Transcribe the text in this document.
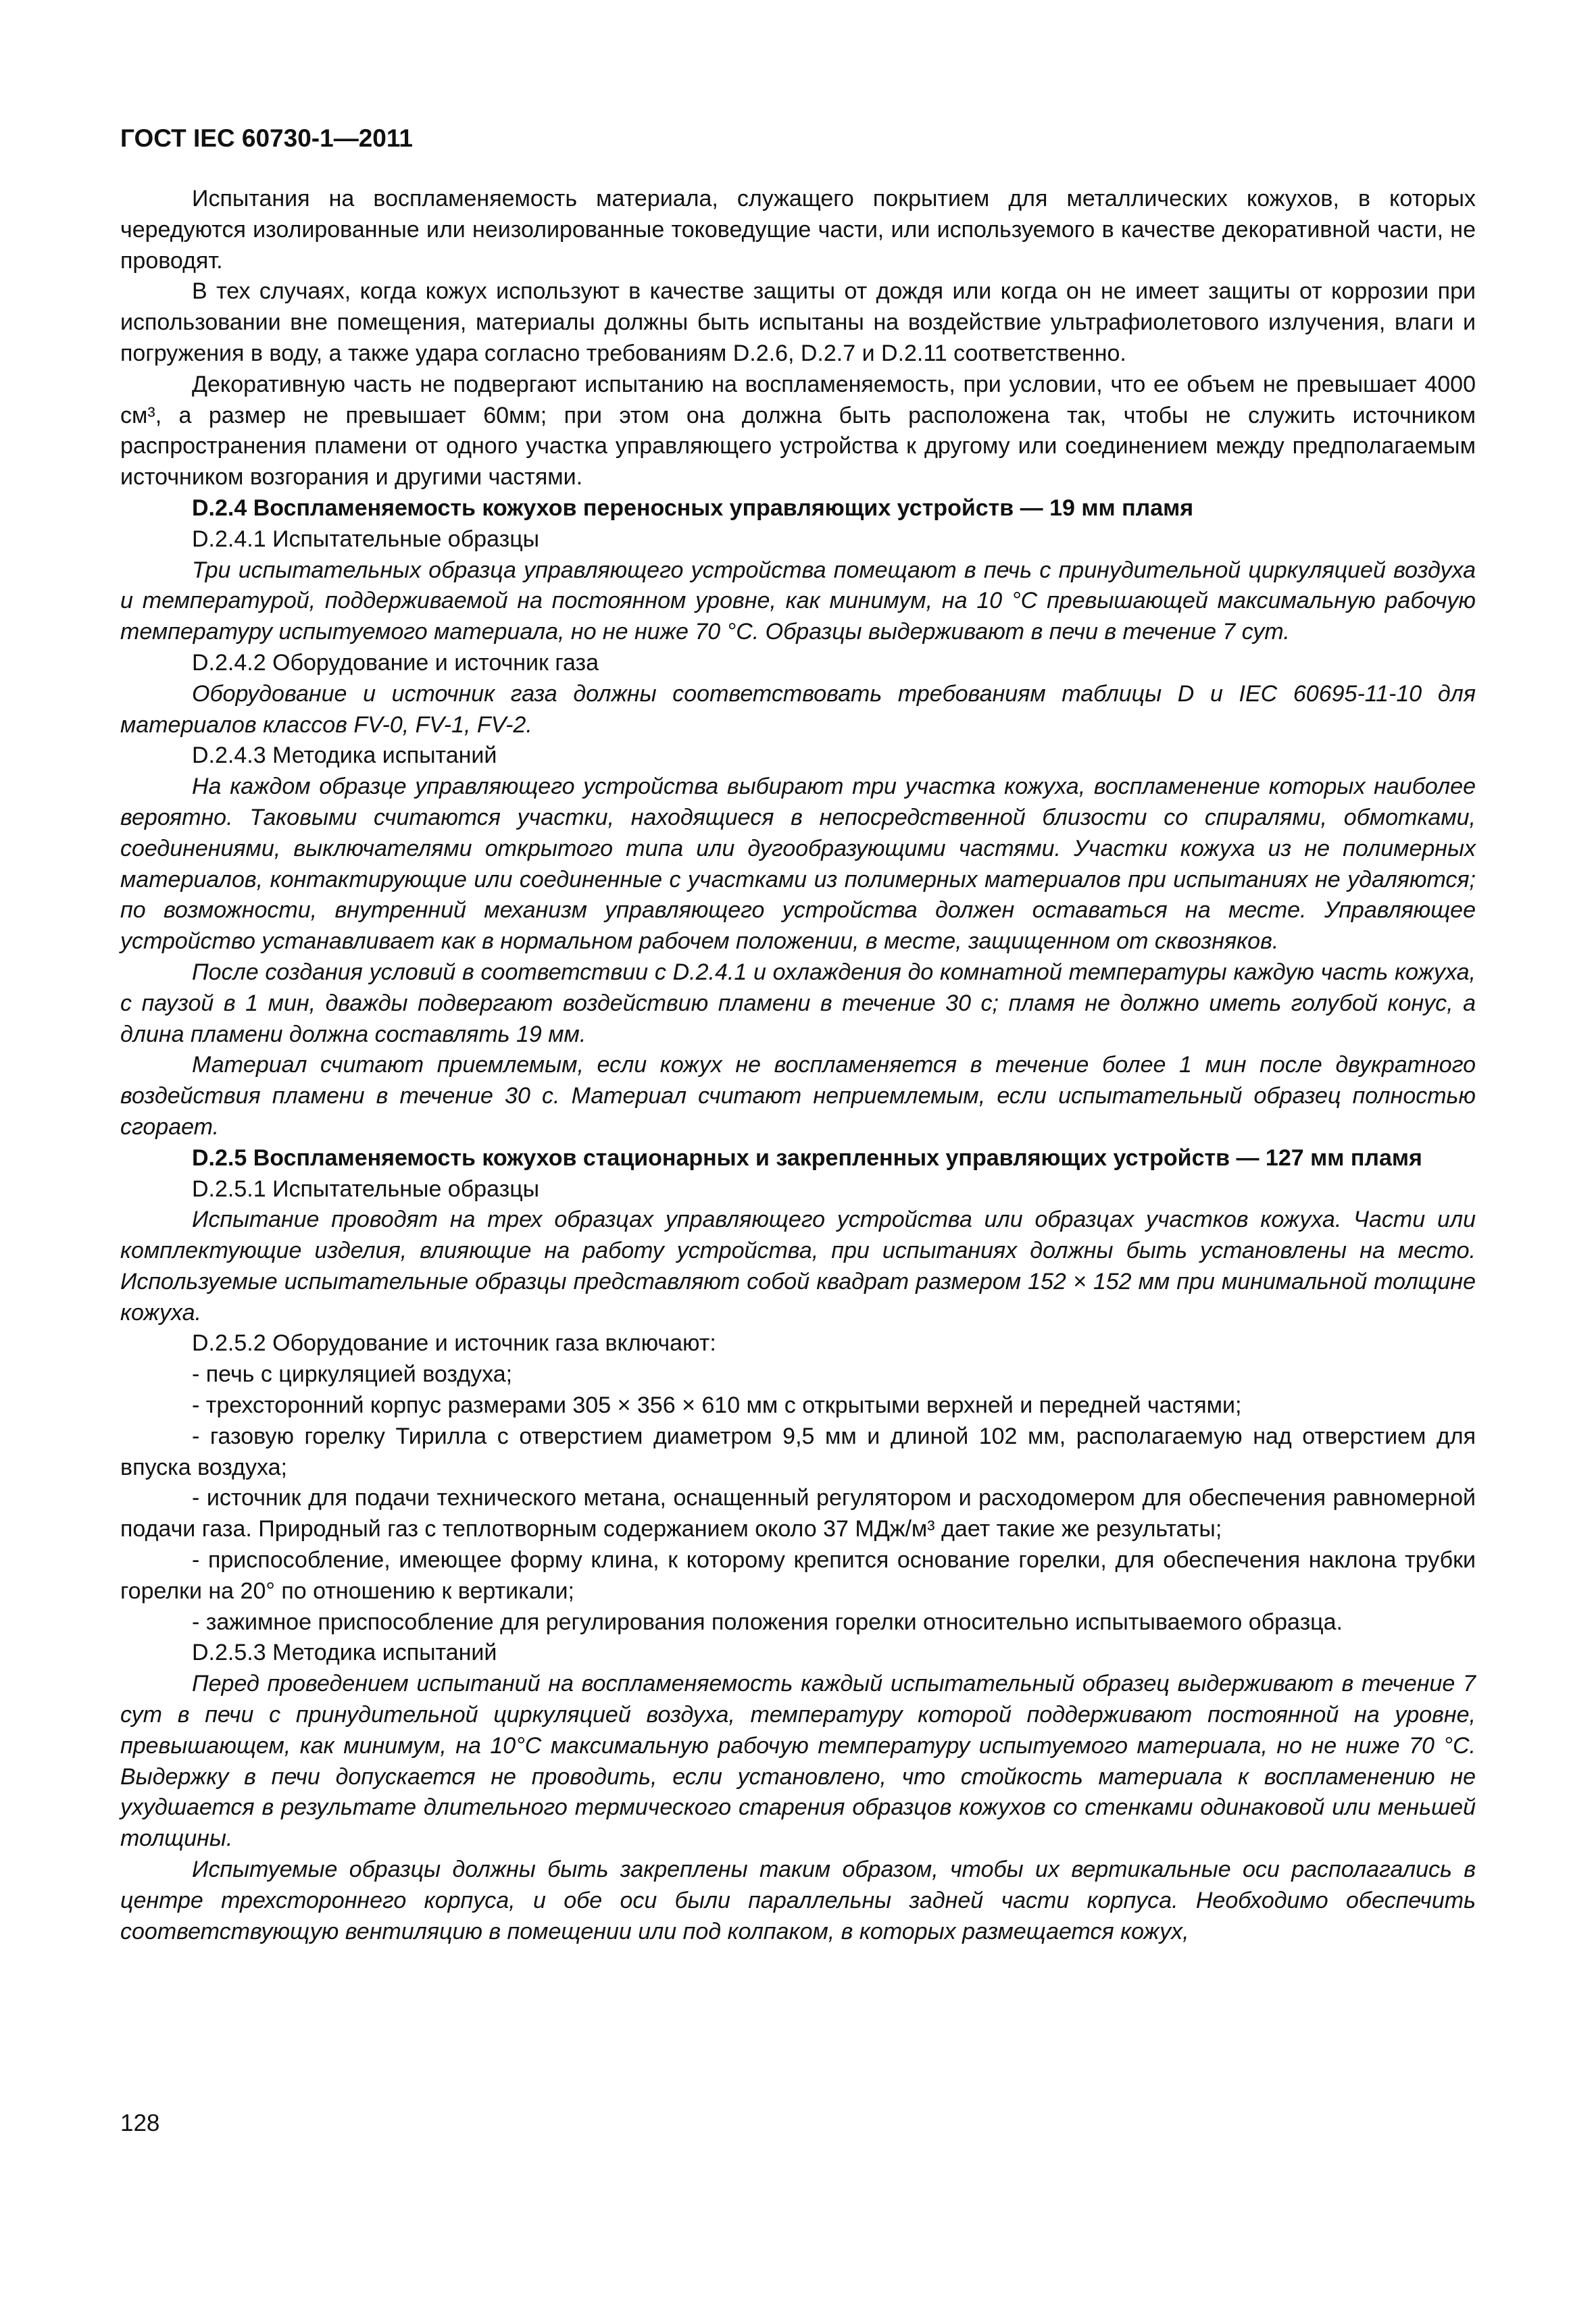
ГОСТ IEC 60730-1—2011

Испытания на воспламеняемость материала, служащего покрытием для металлических кожухов, в которых чередуются изолированные или неизолированные токоведущие части, или используемого в качестве декоративной части, не проводят.

В тех случаях, когда кожух используют в качестве защиты от дождя или когда он не имеет защиты от коррозии при использовании вне помещения, материалы должны быть испытаны на воздействие ультрафиолетового излучения, влаги и погружения в воду, а также удара согласно требованиям D.2.6, D.2.7 и D.2.11 соответственно.

Декоративную часть не подвергают испытанию на воспламеняемость, при условии, что ее объем не превышает 4000 см³, а размер не превышает 60мм; при этом она должна быть расположена так, чтобы не служить источником распространения пламени от одного участка управляющего устройства к другому или соединением между предполагаемым источником возгорания и другими частями.

D.2.4 Воспламеняемость кожухов переносных управляющих устройств — 19 мм пламя

D.2.4.1 Испытательные образцы

Три испытательных образца управляющего устройства помещают в печь с принудительной циркуляцией воздуха и температурой, поддерживаемой на постоянном уровне, как минимум, на 10 °С превышающей максимальную рабочую температуру испытуемого материала, но не ниже 70 °С. Образцы выдерживают в печи в течение 7 сут.

D.2.4.2 Оборудование и источник газа

Оборудование и источник газа должны соответствовать требованиям таблицы D и IEC 60695-11-10 для материалов классов FV-0, FV-1, FV-2.

D.2.4.3 Методика испытаний

На каждом образце управляющего устройства выбирают три участка кожуха, воспламенение которых наиболее вероятно. Таковыми считаются участки, находящиеся в непосредственной близости со спиралями, обмотками, соединениями, выключателями открытого типа или дугообразующими частями. Участки кожуха из не полимерных материалов, контактирующие или соединенные с участками из полимерных материалов при испытаниях не удаляются; по возможности, внутренний механизм управляющего устройства должен оставаться на месте. Управляющее устройство устанавливает как в нормальном рабочем положении, в месте, защищенном от сквозняков.

После создания условий в соответствии с D.2.4.1 и охлаждения до комнатной температуры каждую часть кожуха, с паузой в 1 мин, дважды подвергают воздействию пламени в течение 30 с; пламя не должно иметь голубой конус, а длина пламени должна составлять 19 мм.

Материал считают приемлемым, если кожух не воспламеняется в течение более 1 мин после двукратного воздействия пламени в течение 30 с. Материал считают неприемлемым, если испытательный образец полностью сгорает.

D.2.5 Воспламеняемость кожухов стационарных и закрепленных управляющих устройств — 127 мм пламя

D.2.5.1 Испытательные образцы

Испытание проводят на трех образцах управляющего устройства или образцах участков кожуха. Части или комплектующие изделия, влияющие на работу устройства, при испытаниях должны быть установлены на место. Используемые испытательные образцы представляют собой квадрат размером 152 × 152 мм при минимальной толщине кожуха.

D.2.5.2 Оборудование и источник газа включают:

- печь с циркуляцией воздуха;

- трехсторонний корпус размерами 305 × 356 × 610 мм с открытыми верхней и передней частями;

- газовую горелку Тирилла с отверстием диаметром 9,5 мм и длиной 102 мм, располагаемую над отверстием для впуска воздуха;

- источник для подачи технического метана, оснащенный регулятором и расходомером для обеспечения равномерной подачи газа. Природный газ с теплотворным содержанием около 37 МДж/м³ дает такие же результаты;

- приспособление, имеющее форму клина, к которому крепится основание горелки, для обеспечения наклона трубки горелки на 20° по отношению к вертикали;

- зажимное приспособление для регулирования положения горелки относительно испытываемого образца.

D.2.5.3 Методика испытаний

Перед проведением испытаний на воспламеняемость каждый испытательный образец выдерживают в течение 7 сут в печи с принудительной циркуляцией воздуха, температуру которой поддерживают постоянной на уровне, превышающем, как минимум, на 10°С максимальную рабочую температуру испытуемого материала, но не ниже 70 °С. Выдержку в печи допускается не проводить, если установлено, что стойкость материала к воспламенению не ухудшается в результате длительного термического старения образцов кожухов со стенками одинаковой или меньшей толщины.

Испытуемые образцы должны быть закреплены таким образом, чтобы их вертикальные оси располагались в центре трехстороннего корпуса, и обе оси были параллельны задней части корпуса. Необходимо обеспечить соответствующую вентиляцию в помещении или под колпаком, в которых размещается кожух,

128
